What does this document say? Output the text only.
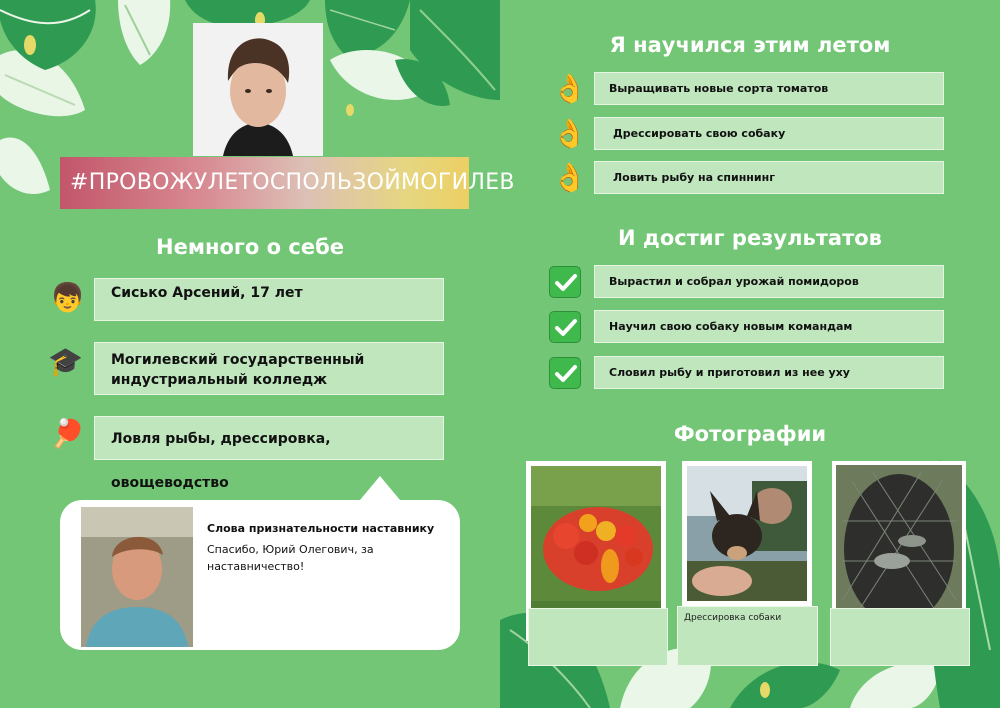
#ПРОВОЖУЛЕТОСПОЛЬЗОЙМОГИЛЕВ
Немного о себе
👦	Сисько Арсений, 17 лет
🎓	Могилевский государственный индустриальный колледж
🏓	Ловля рыбы, дрессировка, овощеводство
Слова признательности наставнику
Спасибо, Юрий Олегович, за наставничество!
Я научился этим летом
👌 Выращивать новые сорта томатов
👌 Дрессировать свою собаку
👌 Ловить рыбу на спиннинг
И достиг результатов
Вырастил и собрал урожай помидоров
Научил свою собаку новым командам
Словил рыбу и приготовил из нее уху
Фотографии
Дрессировка собаки
